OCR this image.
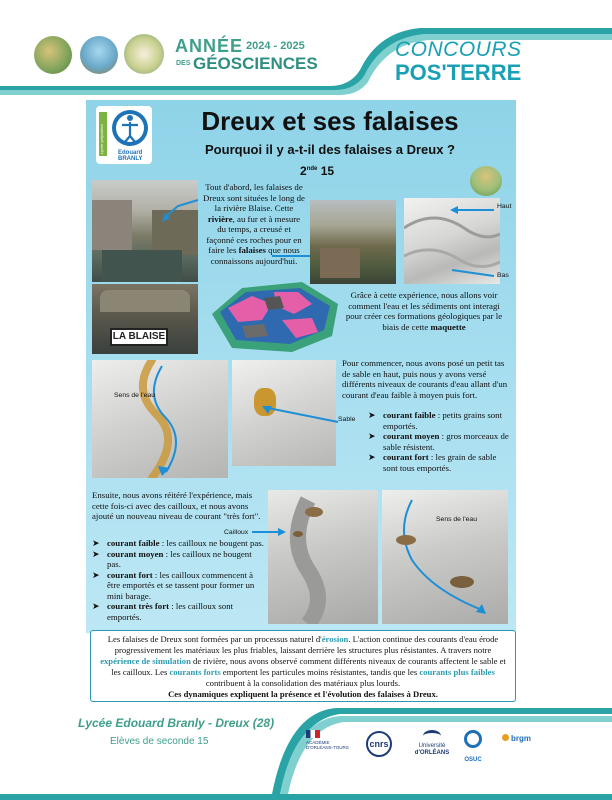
ANNÉE
DES GÉOSCIENCES
2024 - 2025	CONCOURS
POS'TERRE
Edouard BRANLY
Lycée polyvalent
Dreux et ses falaises
Pourquoi il y a-t-il des falaises a Dreux ?
2nde 15
LA BLAISE
Tout d'abord, les falaises de Dreux sont situées le long de la rivière Blaise. Cette rivière, au fur et à mesure du temps, a creusé et façonné ces roches pour en faire les falaises que nous connaissons aujourd'hui.
Haut
Bas
Grâce à cette expérience, nous allons voir comment l'eau et les sédiments ont interagi pour créer ces formations géologiques par le biais de cette maquette
Sens de l'eau
Sable
Pour commencer, nous avons posé un petit tas de sable en haut, puis nous y avons versé différents niveaux de courants d'eau allant d'un courant d'eau faible à moyen puis fort.
➤ courant faible : petits grains sont emportés.
➤ courant moyen : gros morceaux de sable résistent.
➤ courant fort : les grain de sable sont tous emportés.
Ensuite, nous avons réitéré l'expérience, mais cette fois-ci avec des cailloux, et nous avons ajouté un nouveau niveau de courant "très fort".
➤ courant faible : les cailloux ne bougent pas.
➤ courant moyen : les cailloux ne bougent pas.
➤ courant fort : les cailloux commencent à être emportés et se tassent pour former un mini barage.
➤ courant très fort : les cailloux sont emportés.
Cailloux
Sens de l'eau
Les falaises de Dreux sont formées par un processus naturel d'érosion. L'action continue des courants d'eau érode progressivement les matériaux les plus friables, laissant derrière les structures plus résistantes. A travers notre expérience de simulation de rivière, nous avons observé comment différents niveaux de courants affectent le sable et les cailloux. Les courants forts emportent les particules moins résistantes, tandis que les courants plus faibles contribuent à la consolidation des matériaux plus lourds.
Ces dynamiques expliquent la présence et l'évolution des falaises à Dreux.
Lycée Edouard Branly - Dreux (28)
Elèves de seconde 15	ACADÉMIE
D'ORLÉANS-TOURS	cnrs	Université
d'ORLÉANS
OSUC
brgm
